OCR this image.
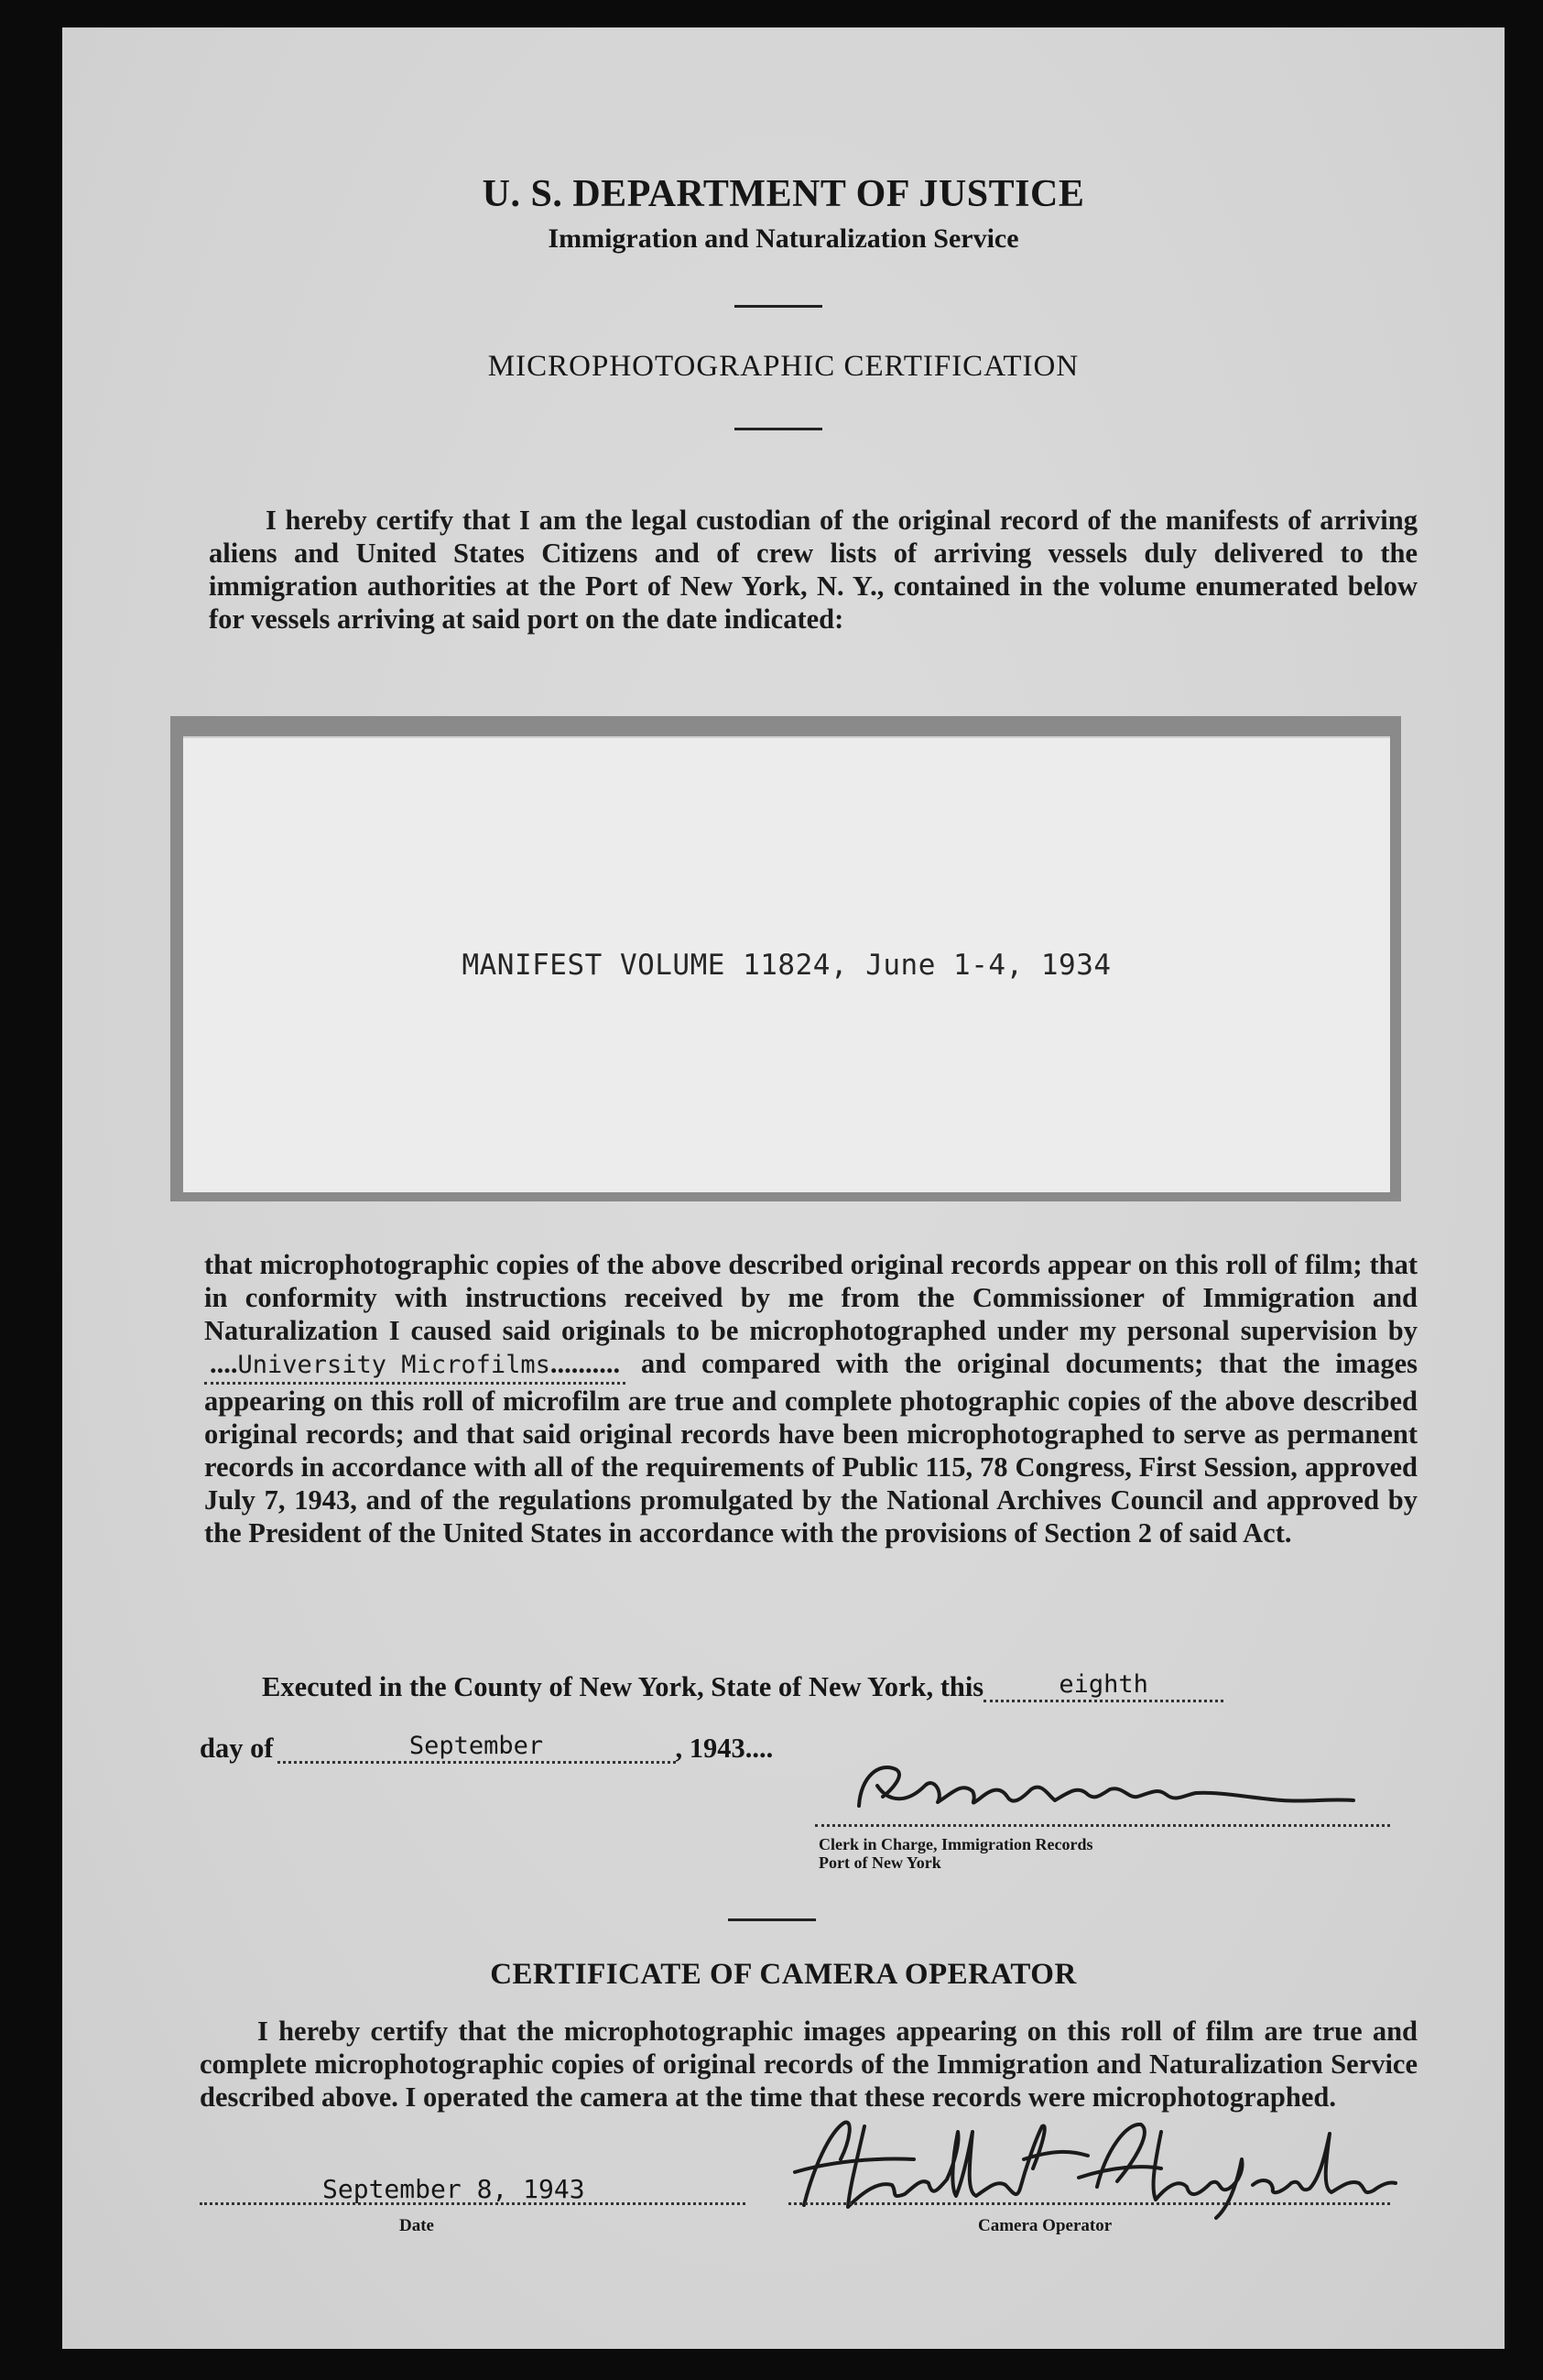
U. S. DEPARTMENT OF JUSTICE
Immigration and Naturalization Service
MICROPHOTOGRAPHIC CERTIFICATION
I hereby certify that I am the legal custodian of the original record of the manifests of arriving aliens and United States Citizens and of crew lists of arriving vessels duly delivered to the immigration authorities at the Port of New York, N. Y., contained in the volume enumerated below for vessels arriving at said port on the date indicated:
MANIFEST VOLUME 11824, June 1-4, 1934
that microphotographic copies of the above described original records appear on this roll of film; that in conformity with instructions received by me from the Commissioner of Immigration and Naturalization I caused said originals to be microphotographed under my personal supervision by....University Microfilms.......... and compared with the original documents; that the images appearing on this roll of microfilm are true and complete photographic copies of the above described original records; and that said original records have been microphotographed to serve as permanent records in accordance with all of the requirements of Public 115, 78 Congress, First Session, approved July 7, 1943, and of the regulations promulgated by the National Archives Council and approved by the President of the United States in accordance with the provisions of Section 2 of said Act.
Executed in the County of New York, State of New York, this	eighth
day of	September	, 1943....
Clerk in Charge, Immigration Records
Port of New York
CERTIFICATE OF CAMERA OPERATOR
I hereby certify that the microphotographic images appearing on this roll of film are true and complete microphotographic copies of original records of the Immigration and Naturalization Service described above. I operated the camera at the time that these records were microphotographed.
September 8, 1943
Date	Camera Operator
